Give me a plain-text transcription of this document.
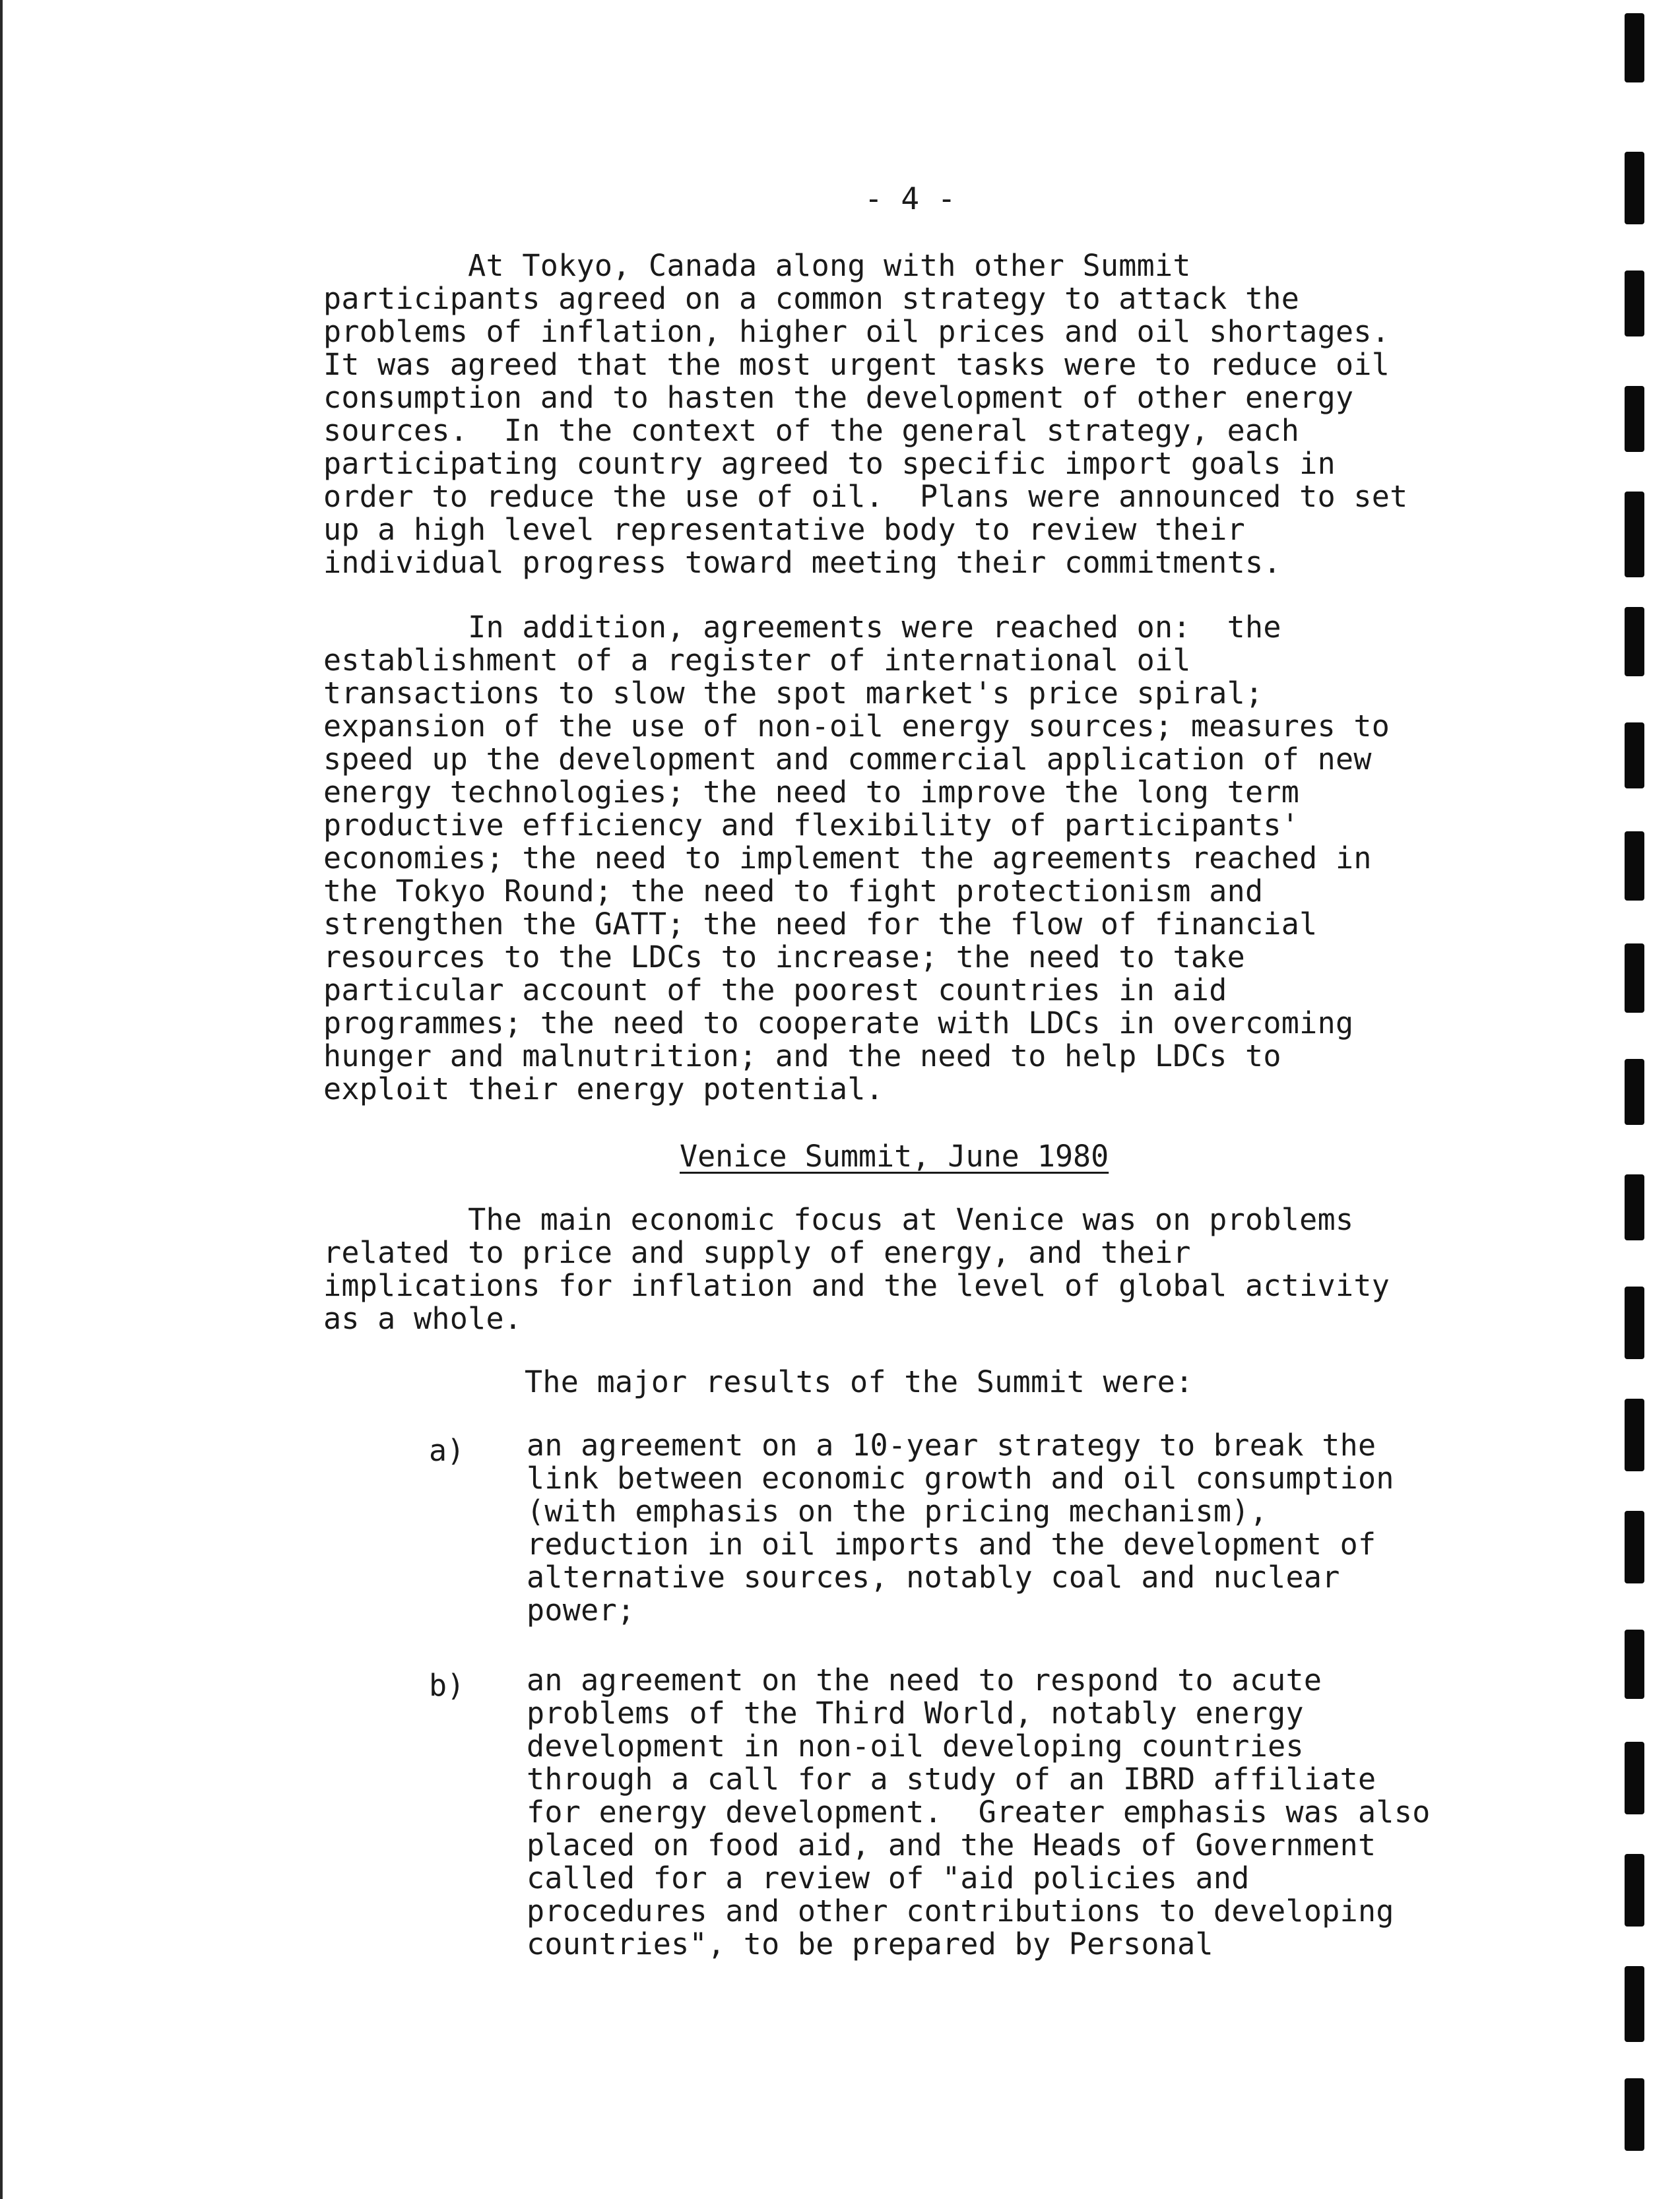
- 4 -

At Tokyo, Canada along with other Summit
participants agreed on a common strategy to attack the
problems of inflation, higher oil prices and oil shortages.
It was agreed that the most urgent tasks were to reduce oil
consumption and to hasten the development of other energy
sources.  In the context of the general strategy, each
participating country agreed to specific import goals in
order to reduce the use of oil.  Plans were announced to set
up a high level representative body to review their
individual progress toward meeting their commitments.

In addition, agreements were reached on:  the
establishment of a register of international oil
transactions to slow the spot market's price spiral;
expansion of the use of non-oil energy sources; measures to
speed up the development and commercial application of new
energy technologies; the need to improve the long term
productive efficiency and flexibility of participants'
economies; the need to implement the agreements reached in
the Tokyo Round; the need to fight protectionism and
strengthen the GATT; the need for the flow of financial
resources to the LDCs to increase; the need to take
particular account of the poorest countries in aid
programmes; the need to cooperate with LDCs in overcoming
hunger and malnutrition; and the need to help LDCs to
exploit their energy potential.

Venice Summit, June 1980

The main economic focus at Venice was on problems
related to price and supply of energy, and their
implications for inflation and the level of global activity
as a whole.

The major results of the Summit were:

a) an agreement on a 10-year strategy to break the
link between economic growth and oil consumption
(with emphasis on the pricing mechanism),
reduction in oil imports and the development of
alternative sources, notably coal and nuclear
power;

b) an agreement on the need to respond to acute
problems of the Third World, notably energy
development in non-oil developing countries
through a call for a study of an IBRD affiliate
for energy development.  Greater emphasis was also
placed on food aid, and the Heads of Government
called for a review of "aid policies and
procedures and other contributions to developing
countries", to be prepared by Personal
